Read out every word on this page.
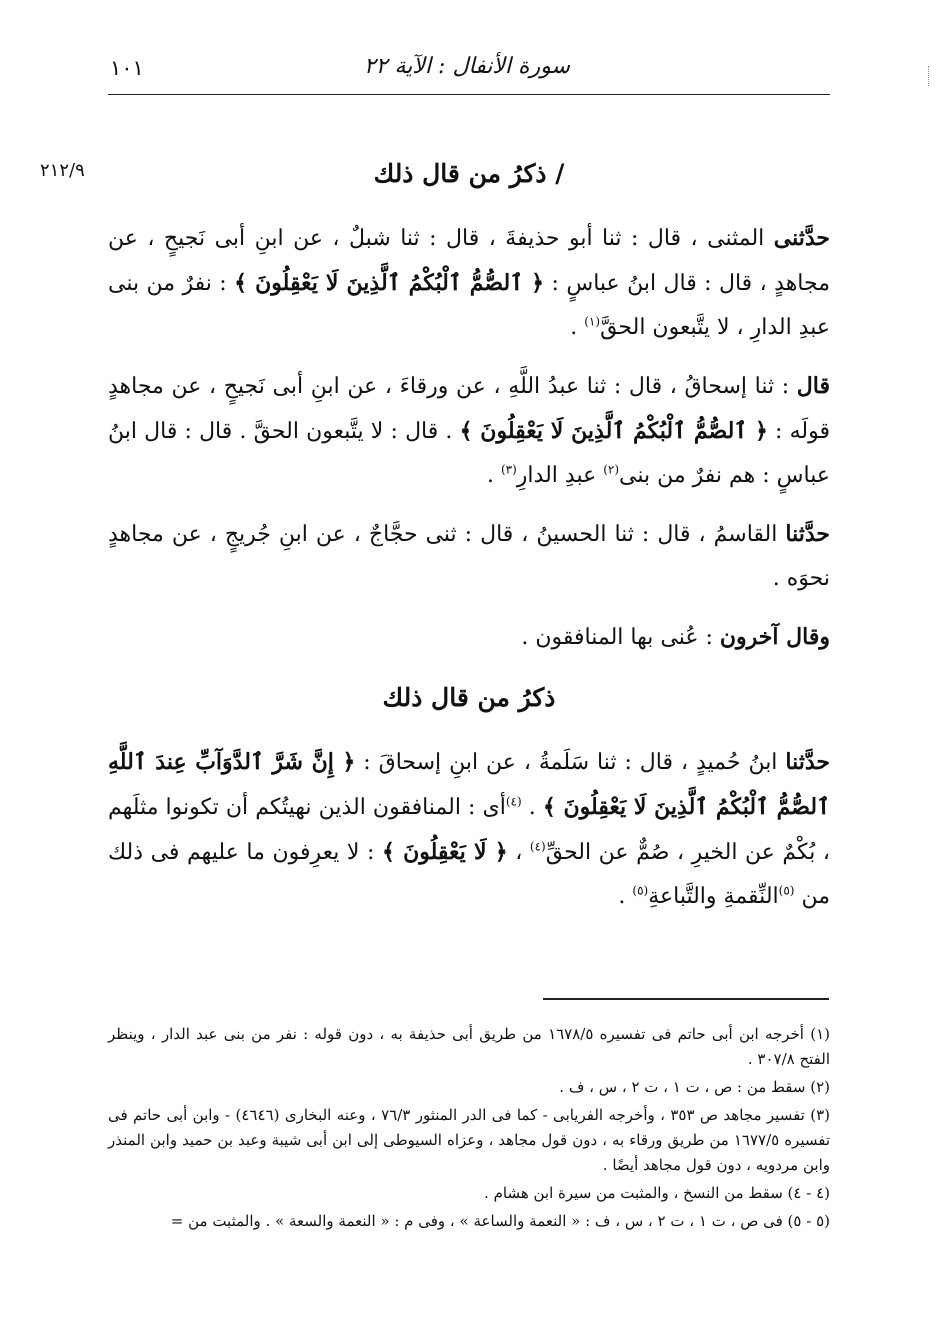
١٠١	سورة الأنفال : الآية ٢٢
٢١٢/٩	/ ذكرُ من قال ذلك

حدَّثنى المثنى ، قال : ثنا أبو حذيفةَ ، قال : ثنا شبلٌ ، عن ابنِ أبى نَجيحٍ ، عن مجاهدٍ ، قال : قال ابنُ عباسٍ : ﴿ ٱلصُّمُّ ٱلْبُكْمُ ٱلَّذِينَ لَا يَعْقِلُونَ ﴾ : نفرٌ من بنى عبدِ الدارِ ، لا يتَّبعون الحقَّ$^{(١)}$ .

قال : ثنا إسحاقُ ، قال : ثنا عبدُ اللَّهِ ، عن ورقاءَ ، عن ابنِ أبى نَجيحٍ ، عن مجاهدٍ قولَه : ﴿ ٱلصُّمُّ ٱلْبُكْمُ ٱلَّذِينَ لَا يَعْقِلُونَ ﴾ . قال : لا يتَّبعون الحقَّ . قال : قال ابنُ عباسٍ : هم نفرٌ من بنى$^{(٢)}$ عبدِ الدارِ$^{(٣)}$ .

حدَّثنا القاسمُ ، قال : ثنا الحسينُ ، قال : ثنى حجَّاجٌ ، عن ابنِ جُريجٍ ، عن مجاهدٍ نحوَه .

وقال آخرون : عُنى بها المنافقون .

ذكرُ من قال ذلك

حدَّثنا ابنُ حُميدٍ ، قال : ثنا سَلَمةُ ، عن ابنِ إسحاقَ : ﴿ إِنَّ شَرَّ ٱلدَّوَآبِّ عِندَ ٱللَّهِ ٱلصُّمُّ ٱلْبُكْمُ ٱلَّذِينَ لَا يَعْقِلُونَ ﴾ . $^{(٤)}$أى : المنافقون الذين نهيتُكم أن تكونوا مثلَهم ، بُكْمٌ عن الخيرِ ، صُمٌّ عن الحقِّ$^{(٤)}$ ، ﴿ لَا يَعْقِلُونَ ﴾ : لا يعرِفون ما عليهم فى ذلك من $^{(٥)}$النِّقمةِ والتَّباعةِ$^{(٥)}$ .

(١) أخرجه ابن أبى حاتم فى تفسيره ١٦٧٨/٥ من طريق أبى حذيفة به ، دون قوله : نفر من بنى عبد الدار ، وينظر الفتح ٣٠٧/٨ .

(٢) سقط من : ص ، ت ١ ، ت ٢ ، س ، ف .

(٣) تفسير مجاهد ص ٣٥٣ ، وأخرجه الفريابى - كما فى الدر المنثور ٧٦/٣ ، وعنه البخارى (٤٦٤٦) - وابن أبى حاتم فى تفسيره ١٦٧٧/٥ من طريق ورقاء به ، دون قول مجاهد ، وعزاه السيوطى إلى ابن أبى شيبة وعبد بن حميد وابن المنذر وابن مردويه ، دون قول مجاهد أيضًا .

(٤ - ٤) سقط من النسخ ، والمثبت من سيرة ابن هشام .

(٥ - ٥) فى ص ، ت ١ ، ت ٢ ، س ، ف : « النعمة والساعة » ، وفى م : « النعمة والسعة » . والمثبت من =
